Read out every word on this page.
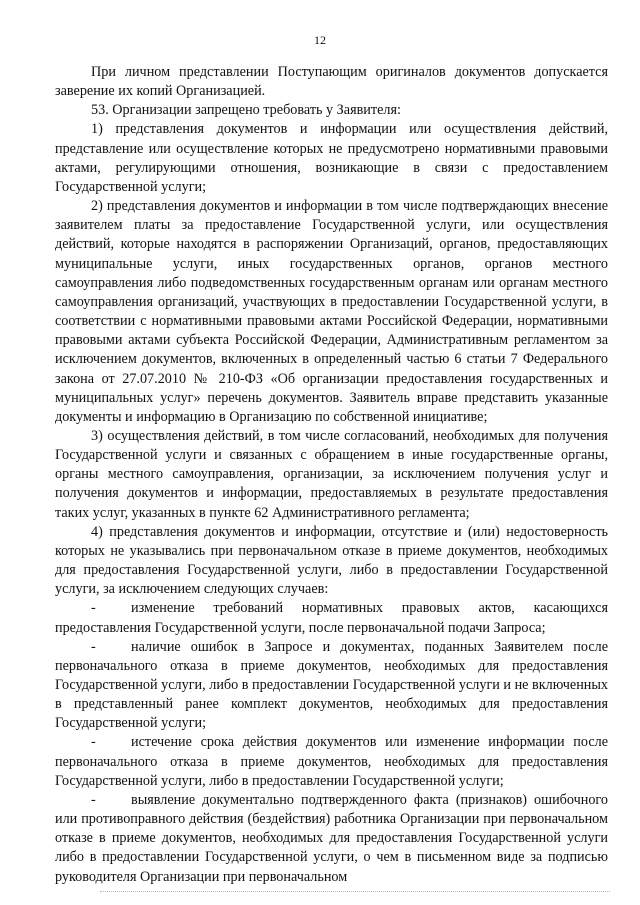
12

При личном представлении Поступающим оригиналов документов допускается заверение их копий Организацией.

53. Организации запрещено требовать у Заявителя:

1) представления документов и информации или осуществления действий, представление или осуществление которых не предусмотрено нормативными правовыми актами, регулирующими отношения, возникающие в связи с предоставлением Государственной услуги;

2) представления документов и информации в том числе подтверждающих внесение заявителем платы за предоставление Государственной услуги, или осуществления действий, которые находятся в распоряжении Организаций, органов, предоставляющих муниципальные услуги, иных государственных органов, органов местного самоуправления либо подведомственных государственным органам или органам местного самоуправления организаций, участвующих в предоставлении Государственной услуги, в соответствии с нормативными правовыми актами Российской Федерации, нормативными правовыми актами субъекта Российской Федерации, Административным регламентом за исключением документов, включенных в определенный частью 6 статьи 7 Федерального закона от 27.07.2010 № 210-ФЗ «Об организации предоставления государственных и муниципальных услуг» перечень документов. Заявитель вправе представить указанные документы и информацию в Организацию по собственной инициативе;

3) осуществления действий, в том числе согласований, необходимых для получения Государственной услуги и связанных с обращением в иные государственные органы, органы местного самоуправления, организации, за исключением получения услуг и получения документов и информации, предоставляемых в результате предоставления таких услуг, указанных в пункте 62 Административного регламента;

4) представления документов и информации, отсутствие и (или) недостоверность которых не указывались при первоначальном отказе в приеме документов, необходимых для предоставления Государственной услуги, либо в предоставлении Государственной услуги, за исключением следующих случаев:

- изменение требований нормативных правовых актов, касающихся предоставления Государственной услуги, после первоначальной подачи Запроса;

- наличие ошибок в Запросе и документах, поданных Заявителем после первоначального отказа в приеме документов, необходимых для предоставления Государственной услуги, либо в предоставлении Государственной услуги и не включенных в представленный ранее комплект документов, необходимых для предоставления Государственной услуги;

- истечение срока действия документов или изменение информации после первоначального отказа в приеме документов, необходимых для предоставления Государственной услуги, либо в предоставлении Государственной услуги;

- выявление документально подтвержденного факта (признаков) ошибочного или противоправного действия (бездействия) работника Организации при первоначальном отказе в приеме документов, необходимых для предоставления Государственной услуги либо в предоставлении Государственной услуги, о чем в письменном виде за подписью руководителя Организации при первоначальном
